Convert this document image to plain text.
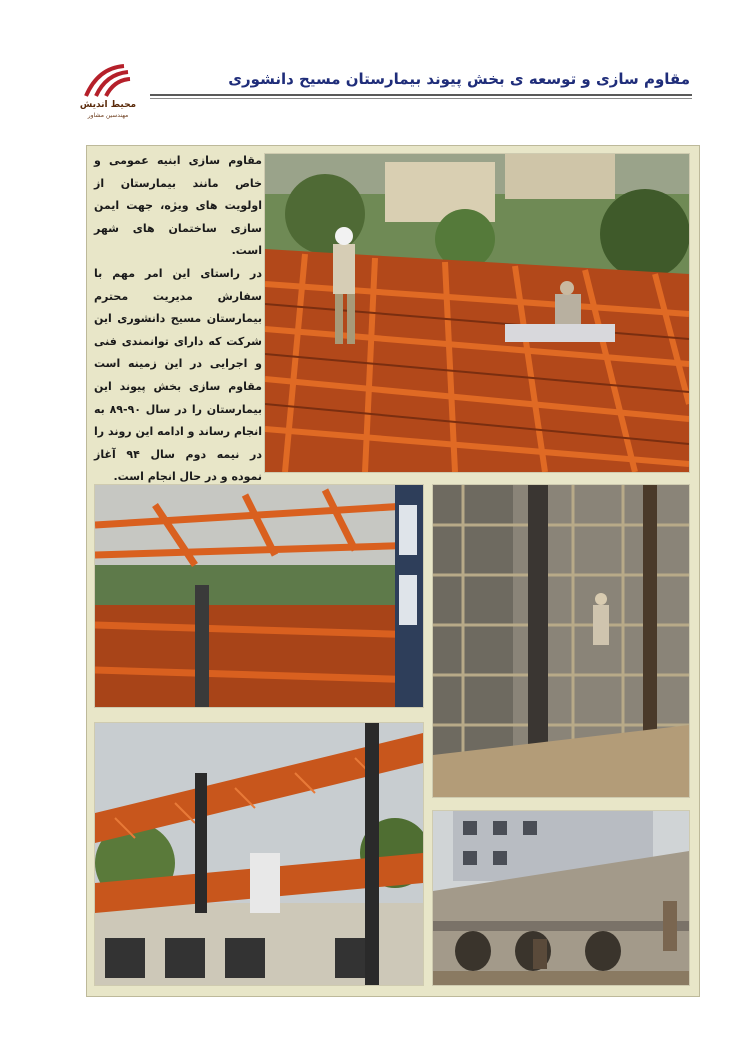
محیط اندیش
مهندسین مشاور
مقاوم سازی و توسعه ی بخش پیوند بیمارستان مسیح دانشوری

مقاوم سازی ابنیه عمومی و خاص مانند بیمارستان از اولویت های ویژه، جهت ایمن سازی ساختمان های شهر است.

در راستای این امر مهم با سفارش مدیریت محترم بیمارستان مسیح دانشوری این شرکت که دارای توانمندی فنی و اجرایی در این زمینه است مقاوم سازی بخش پیوند این بیمارستان را در سال ۹۰-۸۹ به انجام رساند و ادامه این روند را در نیمه دوم سال ۹۴ آغاز نموده و در حال انجام است.
